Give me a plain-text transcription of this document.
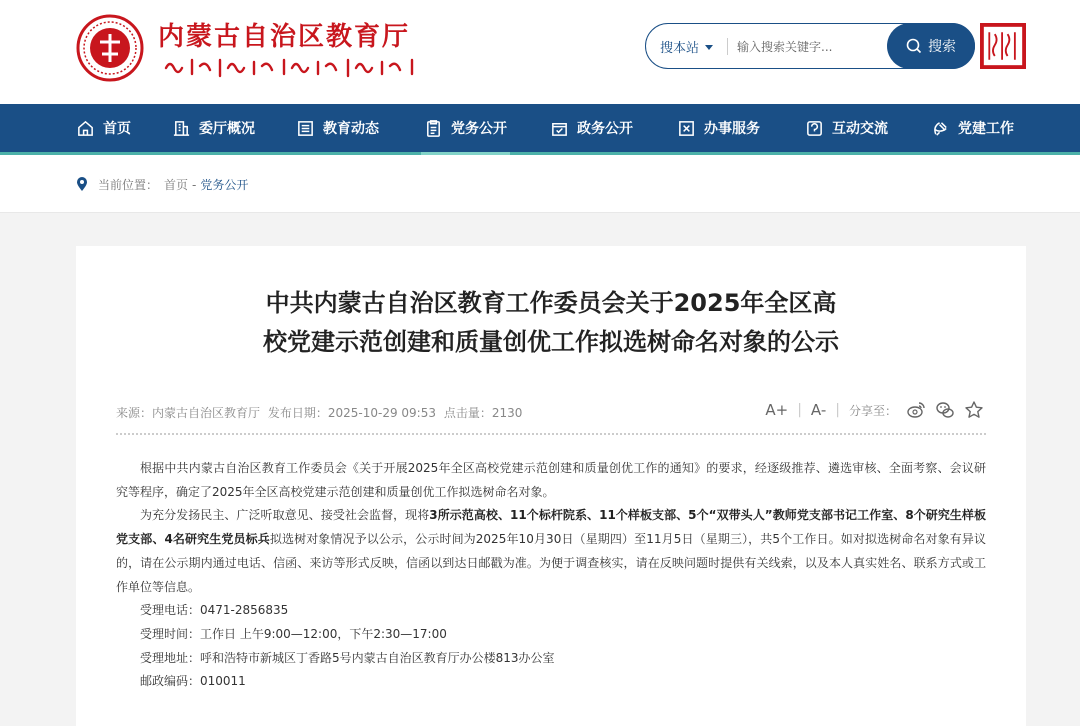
内蒙古自治区教育厅	搜本站
输入搜索关键字...	搜索
首页	委厅概况	教育动态	党务公开	政务公开	办事服务	互动交流	党建工作
当前位置： 首页 - 党务公开
中共内蒙古自治区教育工作委员会关于2025年全区高
校党建示范创建和质量创优工作拟选树命名对象的公示
来源：内蒙古自治区教育厅 发布日期：2025-10-29 09:53 点击量：2130	A+ | A- | 分享至：

根据中共内蒙古自治区教育工作委员会《关于开展2025年全区高校党建示范创建和质量创优工作的通知》的要求，经逐级推荐、遴选审核、全面考察、会议研究等程序，确定了2025年全区高校党建示范创建和质量创优工作拟选树命名对象。

为充分发扬民主、广泛听取意见、接受社会监督，现将3所示范高校、11个标杆院系、11个样板支部、5个“双带头人”教师党支部书记工作室、8个研究生样板党支部、4名研究生党员标兵拟选树对象情况予以公示，公示时间为2025年10月30日（星期四）至11月5日（星期三），共5个工作日。如对拟选树命名对象有异议的，请在公示期内通过电话、信函、来访等形式反映，信函以到达日邮戳为准。为便于调查核实，请在反映问题时提供有关线索，以及本人真实姓名、联系方式或工作单位等信息。

受理电话：0471-2856835

受理时间：工作日 上午9:00—12:00，下午2:30—17:00

受理地址：呼和浩特市新城区丁香路5号内蒙古自治区教育厅办公楼813办公室

邮政编码：010011
